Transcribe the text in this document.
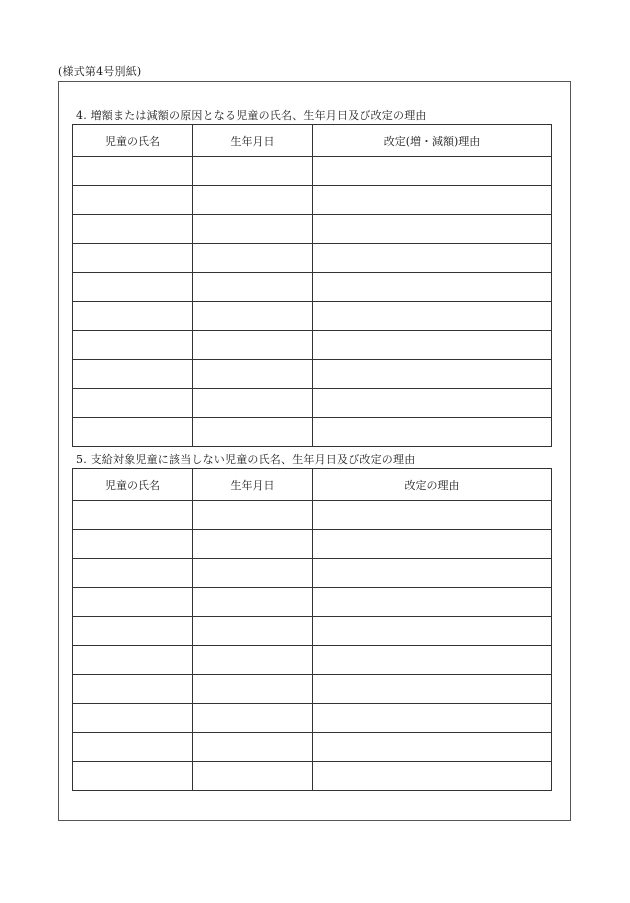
(様式第4号別紙)
4. 増額または減額の原因となる児童の氏名、生年月日及び改定の理由
児童の氏名	生年月日	改定(増・減額)理由

5. 支給対象児童に該当しない児童の氏名、生年月日及び改定の理由
児童の氏名	生年月日	改定の理由
